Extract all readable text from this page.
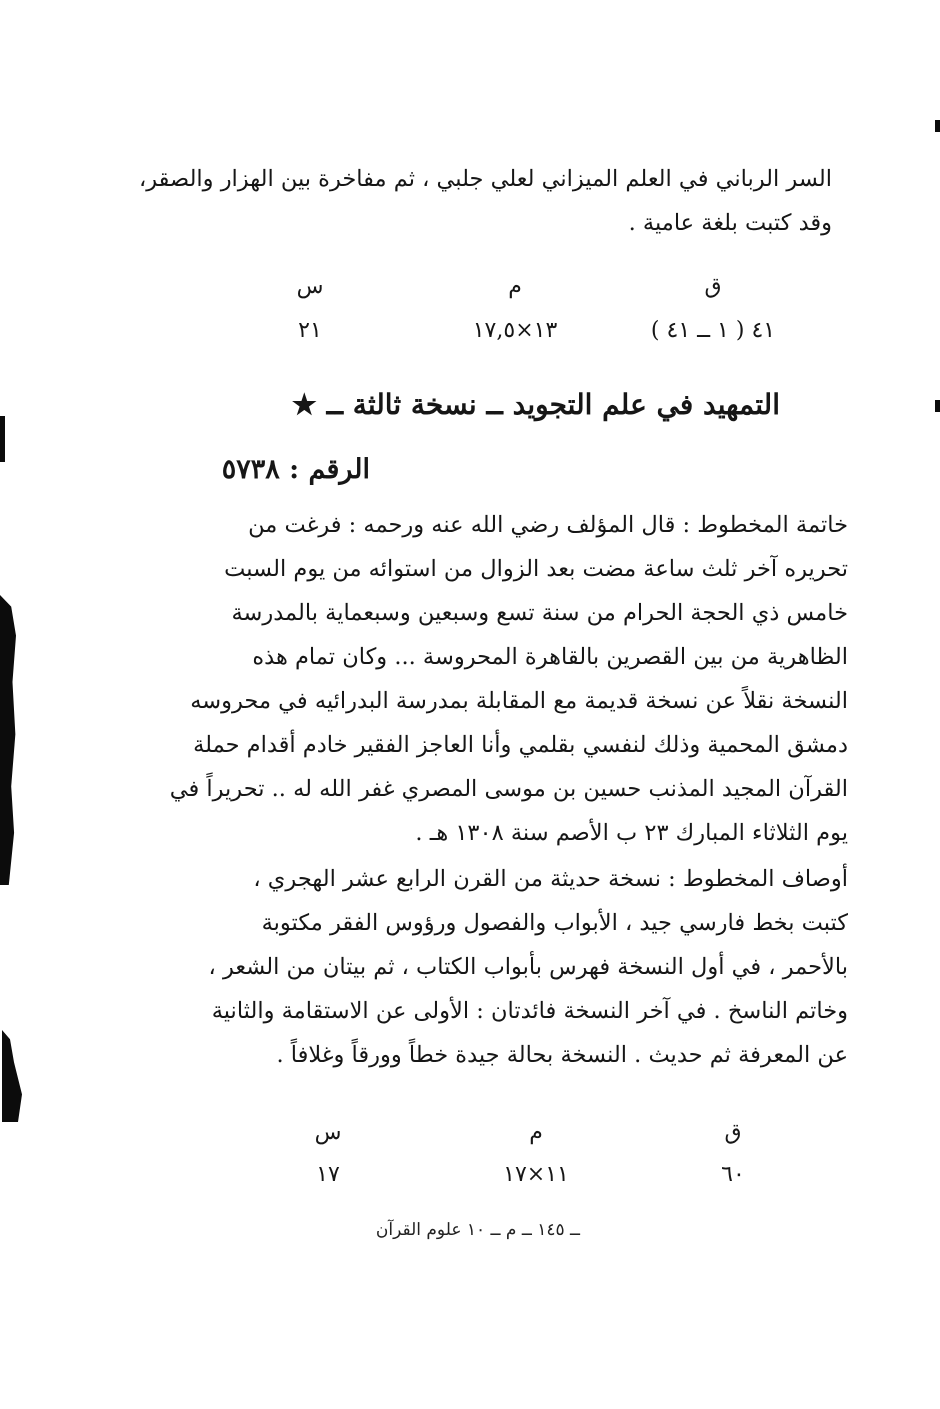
السر الرباني في العلم الميزاني لعلي جلبي ، ثم مفاخرة بين الهزار والصقر،
وقد كتبت بلغة عامية .
ق
م
س
٤١ ( ١ ــ ٤١ )
١٣×١٧,٥
٢١
التمهيد في علم التجويد ــ نسخة ثالثة ــ ★
الرقم : ٥٧٣٨
خاتمة المخطوط : قال المؤلف رضي الله عنه ورحمه : فرغت من
تحريره آخر ثلث ساعة مضت بعد الزوال من استوائه من يوم السبت
خامس ذي الحجة الحرام من سنة تسع وسبعين وسبعماية بالمدرسة
الظاهرية من بين القصرين بالقاهرة المحروسة ... وكان تمام هذه
النسخة نقلاً عن نسخة قديمة مع المقابلة بمدرسة البدرائيه في محروسه
دمشق المحمية وذلك لنفسي بقلمي وأنا العاجز الفقير خادم أقدام حملة
القرآن المجيد المذنب حسين بن موسى المصري غفر الله له .. تحريراً في
يوم الثلاثاء المبارك ٢٣ ب الأصم سنة ١٣٠٨ هـ .
أوصاف المخطوط : نسخة حديثة من القرن الرابع عشر الهجري ،
كتبت بخط فارسي جيد ، الأبواب والفصول ورؤوس الفقر مكتوبة
بالأحمر ، في أول النسخة فهرس بأبواب الكتاب ، ثم بيتان من الشعر ،
وخاتم الناسخ . في آخر النسخة فائدتان : الأولى عن الاستقامة والثانية
عن المعرفة ثم حديث . النسخة بحالة جيدة خطاً وورقاً وغلافاً .
ق
م
س
٦٠
١١×١٧
١٧
ــ ١٤٥ ــ م ــ ١٠ علوم القرآن
